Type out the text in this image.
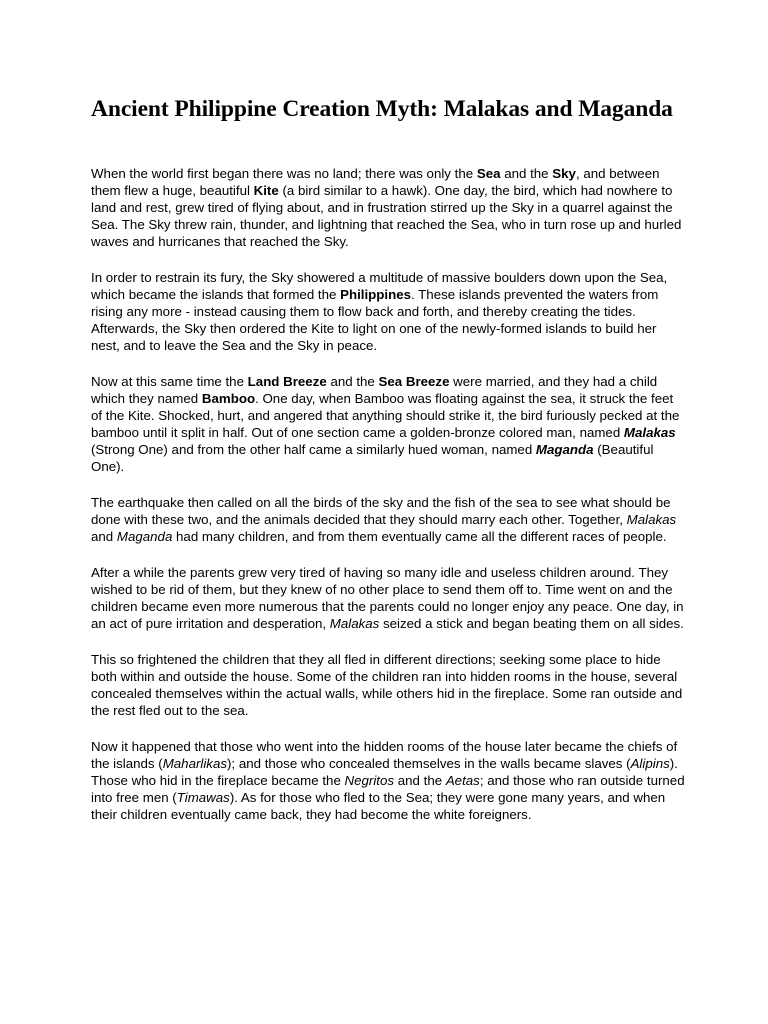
Ancient Philippine Creation Myth: Malakas and Maganda

When the world first began there was no land; there was only the Sea and the Sky, and between them flew a huge, beautiful Kite (a bird similar to a hawk). One day, the bird, which had nowhere to land and rest, grew tired of flying about, and in frustration stirred up the Sky in a quarrel against the Sea. The Sky threw rain, thunder, and lightning that reached the Sea, who in turn rose up and hurled waves and hurricanes that reached the Sky.

In order to restrain its fury, the Sky showered a multitude of massive boulders down upon the Sea, which became the islands that formed the Philippines. These islands prevented the waters from rising any more - instead causing them to flow back and forth, and thereby creating the tides. Afterwards, the Sky then ordered the Kite to light on one of the newly-formed islands to build her nest, and to leave the Sea and the Sky in peace.

Now at this same time the Land Breeze and the Sea Breeze were married, and they had a child which they named Bamboo. One day, when Bamboo was floating against the sea, it struck the feet of the Kite. Shocked, hurt, and angered that anything should strike it, the bird furiously pecked at the bamboo until it split in half. Out of one section came a golden-bronze colored man, named Malakas (Strong One) and from the other half came a similarly hued woman, named Maganda (Beautiful One).

The earthquake then called on all the birds of the sky and the fish of the sea to see what should be done with these two, and the animals decided that they should marry each other. Together, Malakas and Maganda had many children, and from them eventually came all the different races of people.

After a while the parents grew very tired of having so many idle and useless children around. They wished to be rid of them, but they knew of no other place to send them off to. Time went on and the children became even more numerous that the parents could no longer enjoy any peace. One day, in an act of pure irritation and desperation, Malakas seized a stick and began beating them on all sides.

This so frightened the children that they all fled in different directions; seeking some place to hide both within and outside the house. Some of the children ran into hidden rooms in the house, several concealed themselves within the actual walls, while others hid in the fireplace. Some ran outside and the rest fled out to the sea.

Now it happened that those who went into the hidden rooms of the house later became the chiefs of the islands (Maharlikas); and those who concealed themselves in the walls became slaves (Alipins). Those who hid in the fireplace became the Negritos and the Aetas; and those who ran outside turned into free men (Timawas). As for those who fled to the Sea; they were gone many years, and when their children eventually came back, they had become the white foreigners.
